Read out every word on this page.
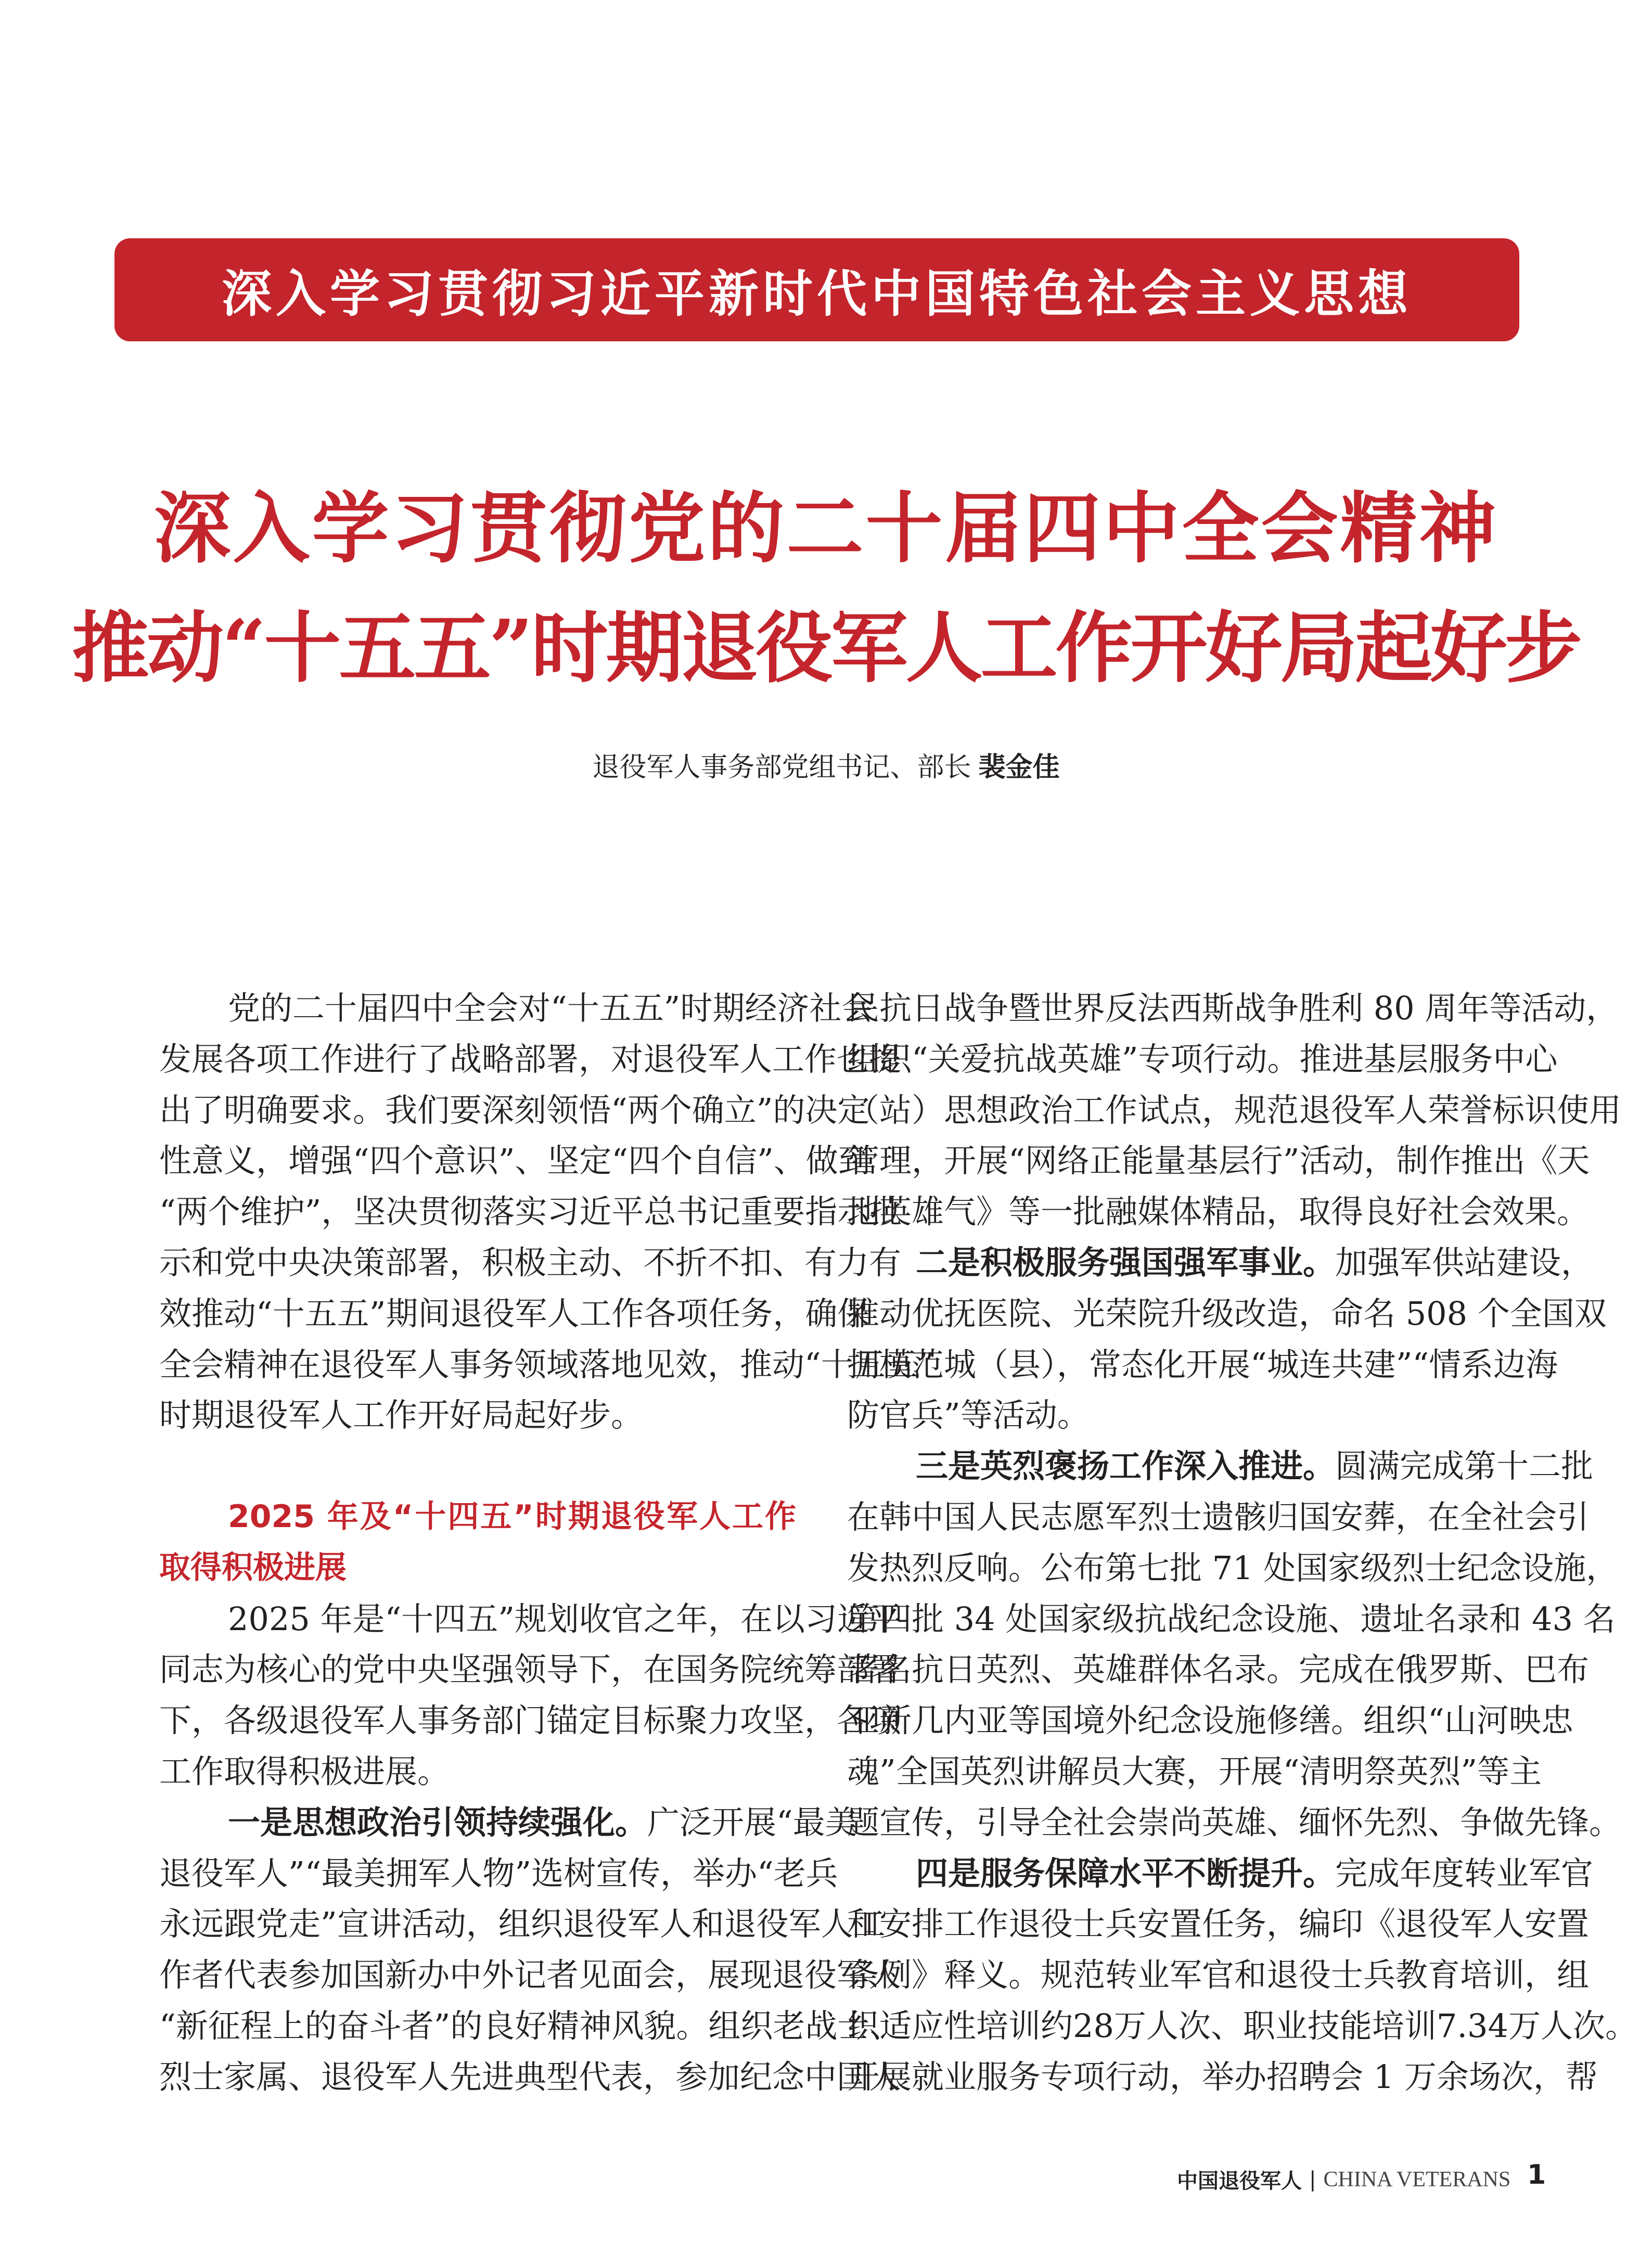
深入学习贯彻习近平新时代中国特色社会主义思想
深入学习贯彻党的二十届四中全会精神
推动“十五五”时期退役军人工作开好局起好步
退役军人事务部党组书记、部长 裴金佳
党的二十届四中全会对“十五五”时期经济社会
发展各项工作进行了战略部署，对退役军人工作也提
出了明确要求。我们要深刻领悟“两个确立”的决定
性意义，增强“四个意识”、坚定“四个自信”、做到
“两个维护”，坚决贯彻落实习近平总书记重要指示批
示和党中央决策部署，积极主动、不折不扣、有力有
效推动“十五五”期间退役军人工作各项任务，确保
全会精神在退役军人事务领域落地见效，推动“十五五”
时期退役军人工作开好局起好步。
2025 年及“十四五”时期退役军人工作
取得积极进展
2025 年是“十四五”规划收官之年，在以习近平
同志为核心的党中央坚强领导下，在国务院统筹部署
下，各级退役军人事务部门锚定目标聚力攻坚，各项
工作取得积极进展。
一是思想政治引领持续强化。广泛开展“最美
退役军人”“最美拥军人物”选树宣传，举办“老兵
永远跟党走”宣讲活动，组织退役军人和退役军人工
作者代表参加国新办中外记者见面会，展现退役军人
“新征程上的奋斗者”的良好精神风貌。组织老战士、
烈士家属、退役军人先进典型代表，参加纪念中国人
民抗日战争暨世界反法西斯战争胜利 80 周年等活动，
组织“关爱抗战英雄”专项行动。推进基层服务中心
（站）思想政治工作试点，规范退役军人荣誉标识使用
管理，开展“网络正能量基层行”活动，制作推出《天
地英雄气》等一批融媒体精品，取得良好社会效果。
二是积极服务强国强军事业。加强军供站建设，
推动优抚医院、光荣院升级改造，命名 508 个全国双
拥模范城（县），常态化开展“城连共建”“情系边海
防官兵”等活动。
三是英烈褒扬工作深入推进。圆满完成第十二批
在韩中国人民志愿军烈士遗骸归国安葬，在全社会引
发热烈反响。公布第七批 71 处国家级烈士纪念设施，
第四批 34 处国家级抗战纪念设施、遗址名录和 43 名
著名抗日英烈、英雄群体名录。完成在俄罗斯、巴布
亚新几内亚等国境外纪念设施修缮。组织“山河映忠
魂”全国英烈讲解员大赛，开展“清明祭英烈”等主
题宣传，引导全社会崇尚英雄、缅怀先烈、争做先锋。
四是服务保障水平不断提升。完成年度转业军官
和安排工作退役士兵安置任务，编印《退役军人安置
条例》释义。规范转业军官和退役士兵教育培训，组
织适应性培训约28万人次、职业技能培训7.34万人次。
开展就业服务专项行动，举办招聘会 1 万余场次，帮
中国退役军人 | CHINA VETERANS 1
